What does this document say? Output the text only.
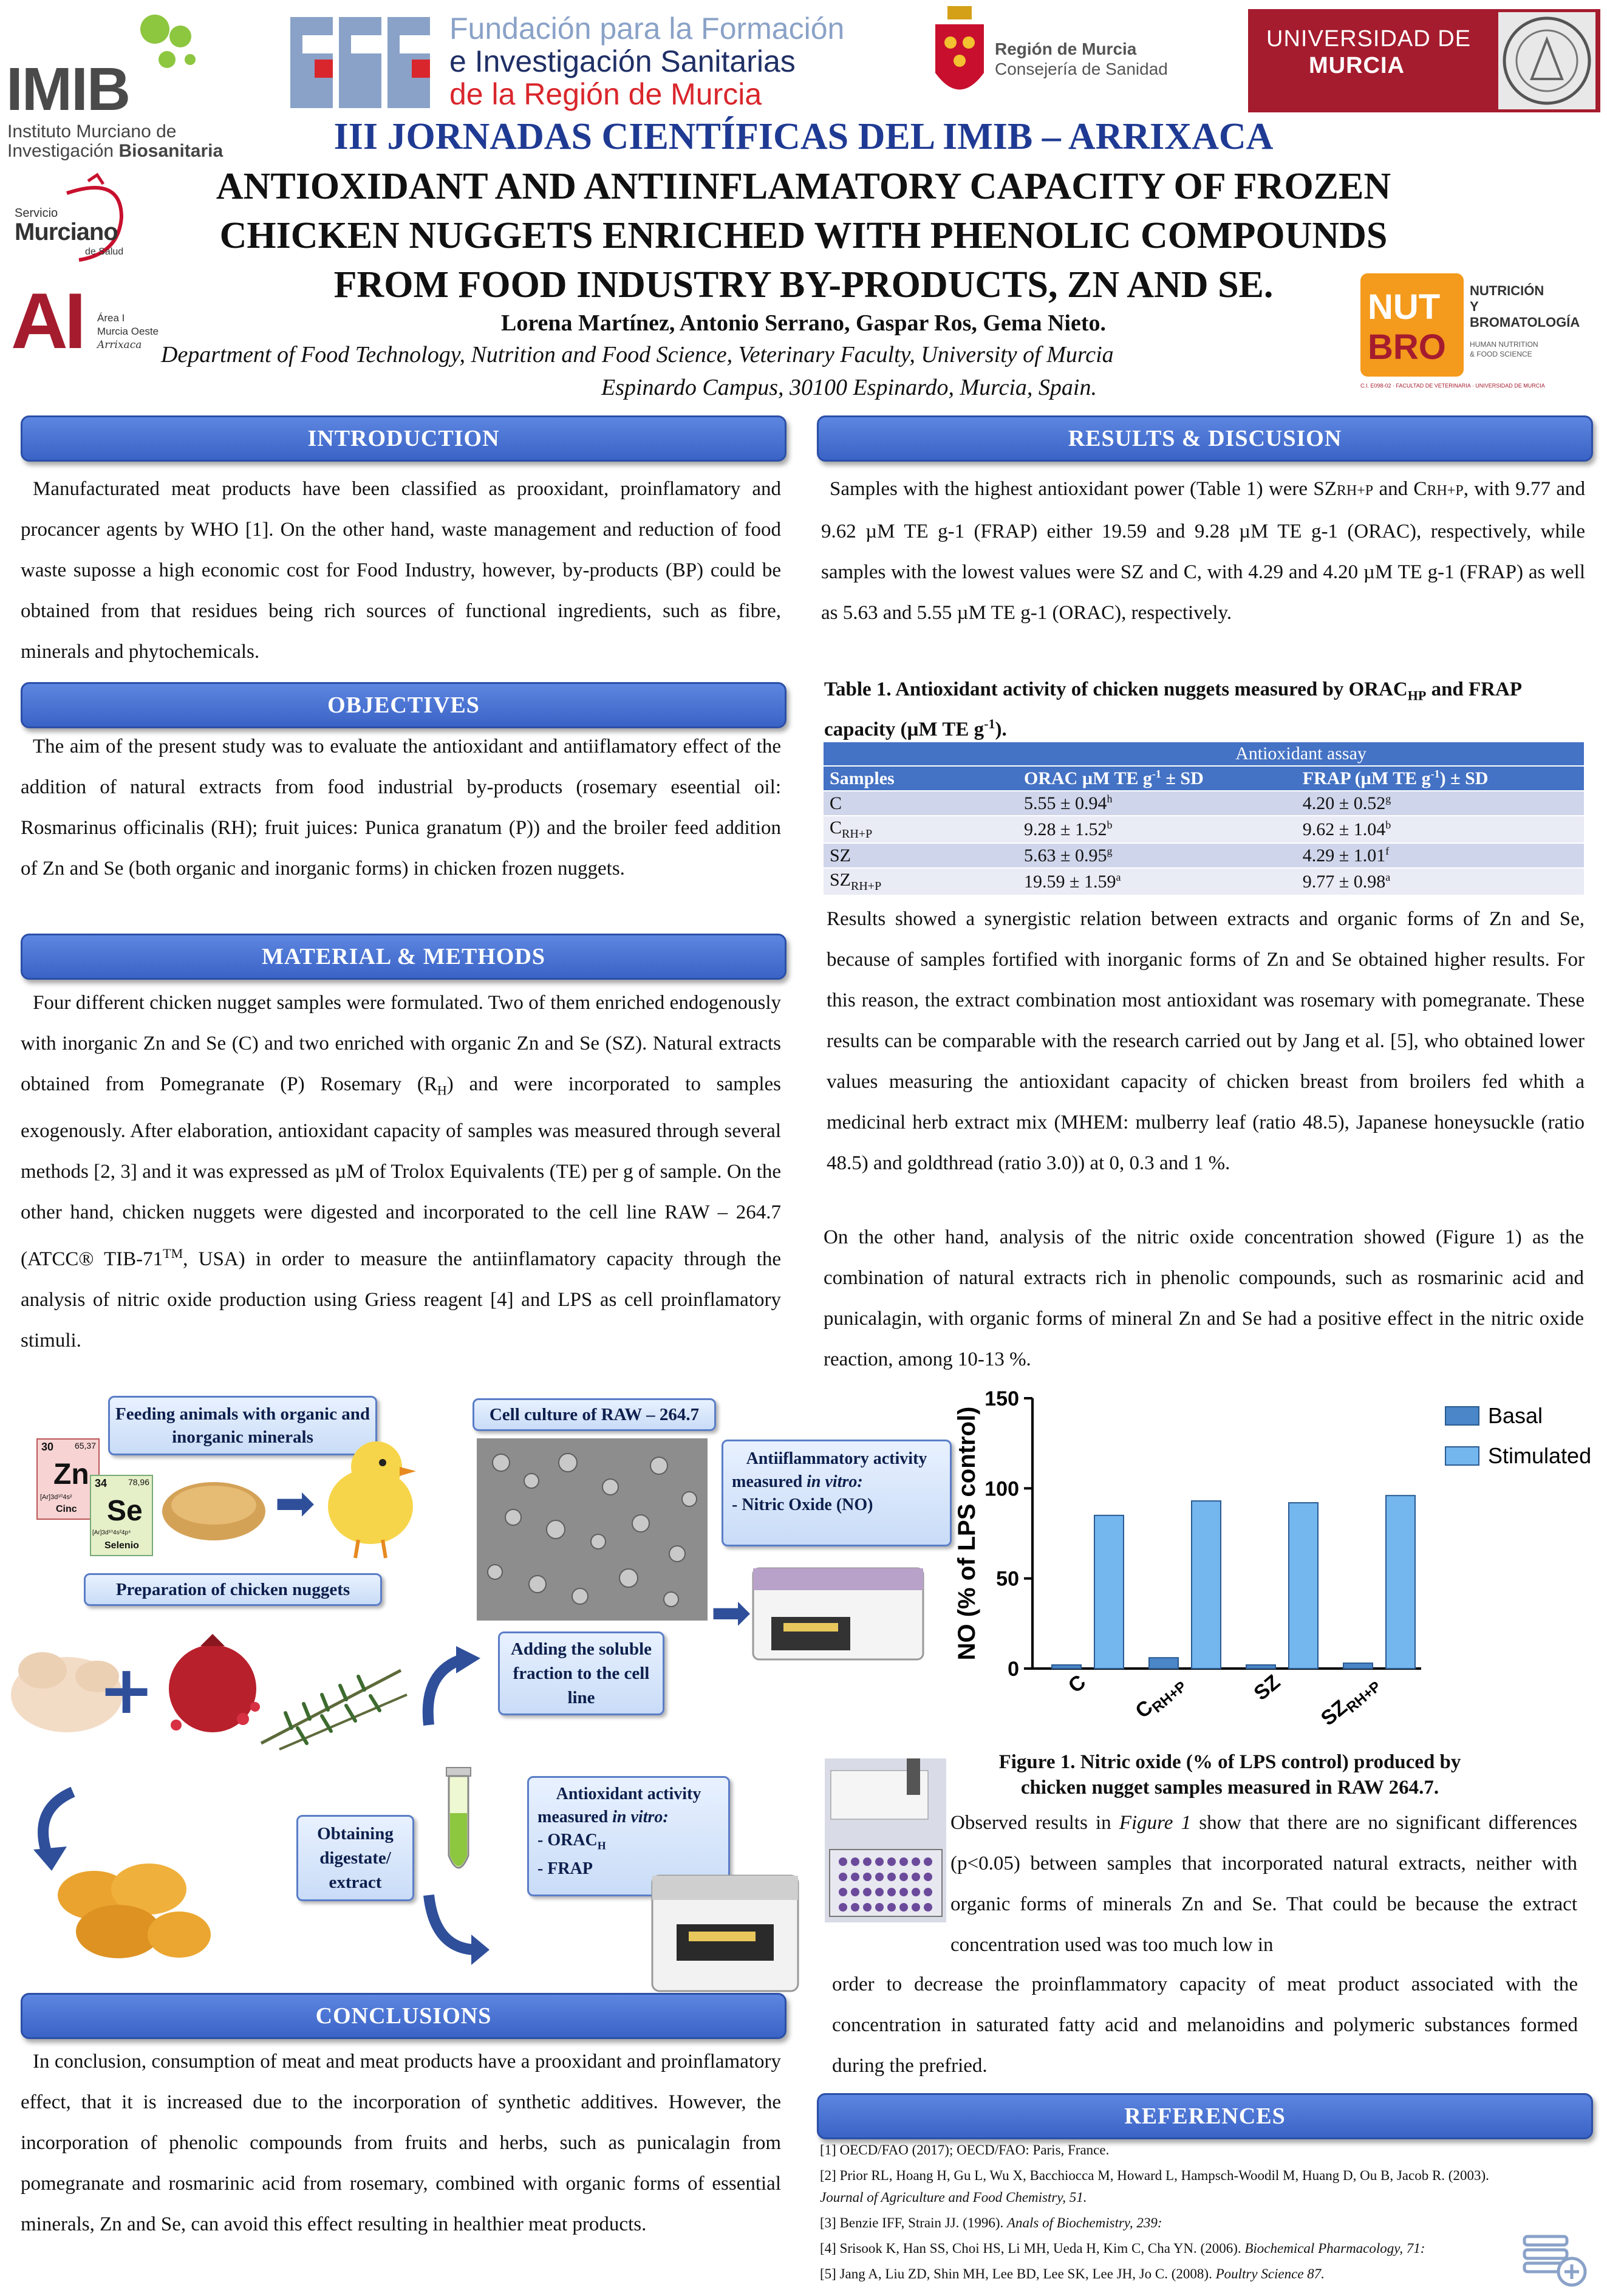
IMIB
Instituto Murciano de
Investigación Biosanitaria
Fundación para la Formación
e Investigación Sanitarias
de la Región de Murcia
Región de Murcia
Consejería de Sanidad
UNIVERSIDAD DE
MURCIA
Servicio
Murciano
de Salud
AI Área I
Murcia Oeste
Arrixaca
NUT
BRO
NUTRICIÓN
Y
BROMATOLOGÍA
HUMAN NUTRITION
& FOOD SCIENCE
C.I. E098-02 · FACULTAD DE VETERINARIA · UNIVERSIDAD DE MURCIA
III JORNADAS CIENTÍFICAS DEL IMIB – ARRIXACA
ANTIOXIDANT AND ANTIINFLAMATORY CAPACITY OF FROZEN
CHICKEN NUGGETS ENRICHED WITH PHENOLIC COMPOUNDS
FROM FOOD INDUSTRY BY-PRODUCTS, ZN AND SE.
Lorena Martínez, Antonio Serrano, Gaspar Ros, Gema Nieto.
Department of Food Technology, Nutrition and Food Science, Veterinary Faculty, University of Murcia
Espinardo Campus, 30100 Espinardo, Murcia, Spain.
INTRODUCTION
Manufacturated meat products have been classified as prooxidant, proinflamatory and procancer agents by WHO [1]. On the other hand, waste management and reduction of food waste suposse a high economic cost for Food Industry, however, by-products (BP) could be obtained from that residues being rich sources of functional ingredients, such as fibre, minerals and phytochemicals.
OBJECTIVES
The aim of the present study was to evaluate the antioxidant and antiiflamatory effect of the addition of natural extracts from food industrial by-products (rosemary eseential oil: Rosmarinus officinalis (RH); fruit juices: Punica granatum (P)) and the broiler feed addition of Zn and Se (both organic and inorganic forms) in chicken frozen nuggets.
MATERIAL & METHODS
Four different chicken nugget samples were formulated. Two of them enriched endogenously with inorganic Zn and Se (C) and two enriched with organic Zn and Se (SZ). Natural extracts obtained from Pomegranate (P) Rosemary $(R_H)$ and were incorporated to samples exogenously. After elaboration, antioxidant capacity of samples was measured through several methods [2, 3] and it was expressed as µM of Trolox Equivalents (TE) per g of sample. On the other hand, chicken nuggets were digested and incorporated to the cell line RAW – 264.7 (ATCC® TIB-71™, USA) in order to measure the antiinflamatory capacity through the analysis of nitric oxide production using Griess reagent [4] and LPS as cell proinflamatory stimuli.
Feeding animals with organic and inorganic minerals
30 65,37
Zn
[Ar]3d¹⁰4s²
Cinc
34 78,96
Se
[Ar]3d¹⁰4s²4p⁴
Selenio
➡
Preparation of chicken nuggets
+
Obtaining digestate/ extract
Cell culture of RAW – 264.7
Antiiflammatory activity
measured in vitro:
- Nitric Oxide (NO)
➡
Adding the soluble fraction to the cell line
Antioxidant activity
measured in vitro:
- $ORAC_H$
- FRAP
CONCLUSIONS
In conclusion, consumption of meat and meat products have a prooxidant and proinflamatory effect, that it is increased due to the incorporation of synthetic additives. However, the incorporation of phenolic compounds from fruits and herbs, such as punicalagin from pomegranate and rosmarinic acid from rosemary, combined with organic forms of essential minerals, Zn and Se, can avoid this effect resulting in healthier meat products.
RESULTS & DISCUSION
Samples with the highest antioxidant power (Table 1) were SZRH+P and CRH+P, with 9.77 and 9.62 µM TE g-1 (FRAP) either 19.59 and 9.28 µM TE g-1 (ORAC), respectively, while samples with the lowest values were SZ and C, with 4.29 and 4.20 µM TE g-1 (FRAP) as well as 5.63 and 5.55 µM TE g-1 (ORAC), respectively.
Table 1. Antioxidant activity of chicken nuggets measured by $ORAC_{HP}$ and FRAP capacity (µM TE $g^{-1}$).
	Antioxidant assay	
Samples	ORAC µM TE $g^{-1}$ ± SD	FRAP (µM TE $g^{-1}$) ± SD
C	5.55 ± 0.94$^h$	4.20 ± 0.52$^g$
$C_{RH+P}$	9.28 ± 1.52$^b$	9.62 ± 1.04$^b$
SZ	5.63 ± 0.95$^g$	4.29 ± 1.01$^f$
$SZ_{RH+P}$	19.59 ± 1.59$^a$	9.77 ± 0.98$^a$
Results showed a synergistic relation between extracts and organic forms of Zn and Se, because of samples fortified with inorganic forms of Zn and Se obtained higher results. For this reason, the extract combination most antioxidant was rosemary with pomegranate. These results can be comparable with the research carried out by Jang et al. [5], who obtained lower values measuring the antioxidant capacity of chicken breast from broilers fed whith a medicinal herb extract mix (MHEM: mulberry leaf (ratio 48.5), Japanese honeysuckle (ratio 48.5) and goldthread (ratio 3.0)) at 0, 0.3 and 1 %.
On the other hand, analysis of the nitric oxide concentration showed (Figure 1) as the combination of natural extracts rich in phenolic compounds, such as rosmarinic acid and punicalagin, with organic forms of mineral Zn and Se had a positive effect in the nitric oxide reaction, among 10-13 %.
0
50
100
150
NO (% of LPS control)
C
$C_{RH+P}$	SZ
$SZ_{RH+P}$
Basal
Stimulated
Figure 1. Nitric oxide (% of LPS control) produced by
chicken nugget samples measured in RAW 264.7.
Observed results in Figure 1 show that there are no significant differences (p<0.05) between samples that incorporated natural extracts, neither with organic forms of minerals Zn and Se. That could be because the extract concentration used was too much low in
order to decrease the proinflammatory capacity of meat product associated with the concentration in saturated fatty acid and melanoidins and polymeric substances formed during the prefried.
REFERENCES
[1] OECD/FAO (2017); OECD/FAO: Paris, France.
[2] Prior RL, Hoang H, Gu L, Wu X, Bacchiocca M, Howard L, Hampsch-Woodil M, Huang D, Ou B, Jacob R. (2003).
Journal of Agriculture and Food Chemistry, 51.
[3] Benzie IFF, Strain JJ. (1996). Anals of Biochemistry, 239:
[4] Srisook K, Han SS, Choi HS, Li MH, Ueda H, Kim C, Cha YN. (2006). Biochemical Pharmacology, 71:
[5] Jang A, Liu ZD, Shin MH, Lee BD, Lee SK, Lee JH, Jo C. (2008). Poultry Science 87.
